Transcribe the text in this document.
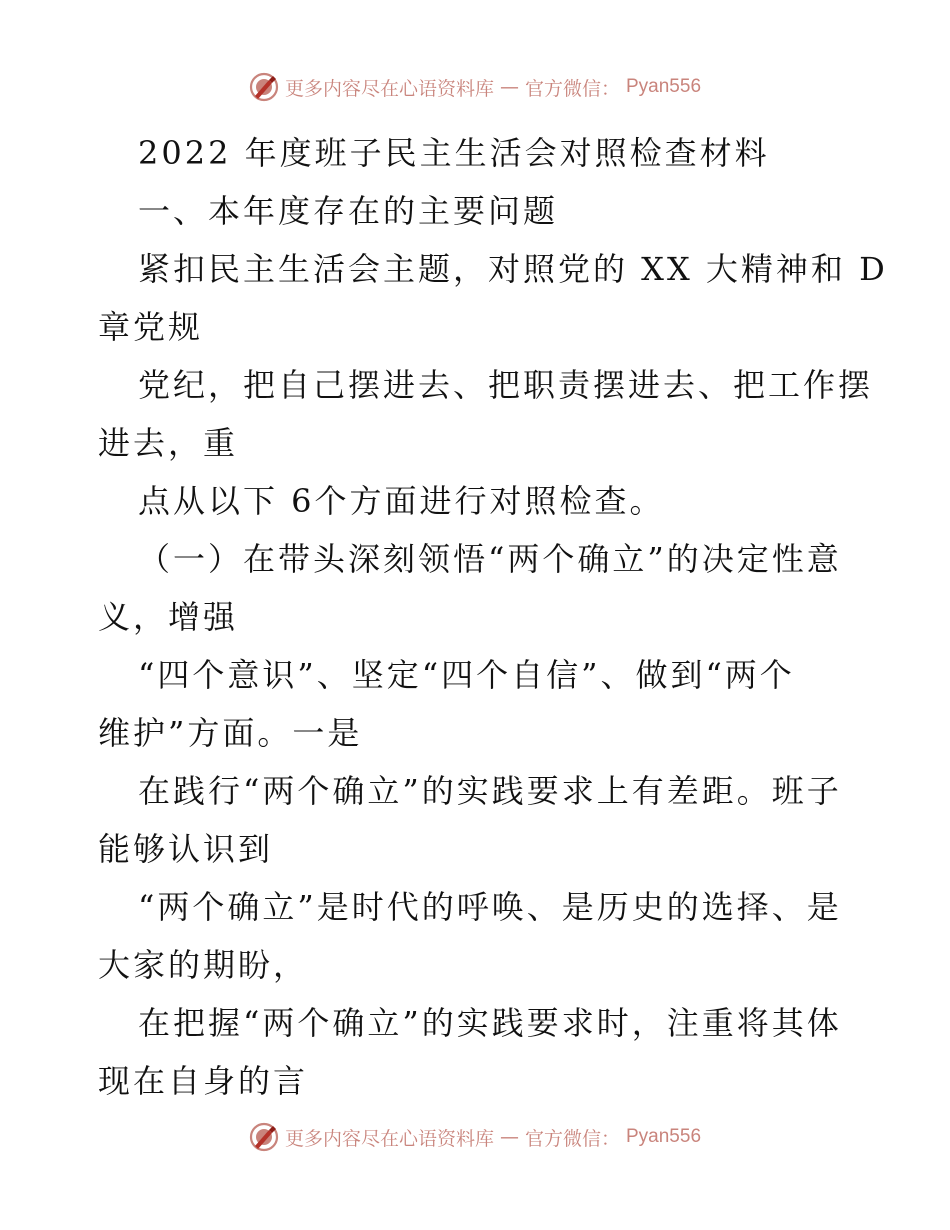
更多内容尽在心语资料库 — 官方微信： Pyan556
2022 年度班子民主生活会对照检查材料
一、本年度存在的主要问题
紧扣民主生活会主题，对照党的 XX 大精神和 D
章党规
党纪，把自己摆进去、把职责摆进去、把工作摆
进去，重
点从以下 6个方面进行对照检查。
（一）在带头深刻领悟“两个确立”的决定性意
义，增强
“四个意识”、坚定“四个自信”、做到“两个
维护”方面。一是
在践行“两个确立”的实践要求上有差距。班子
能够认识到
“两个确立”是时代的呼唤、是历史的选择、是
大家的期盼，
在把握“两个确立”的实践要求时，注重将其体
现在自身的言
更多内容尽在心语资料库 — 官方微信： Pyan556
